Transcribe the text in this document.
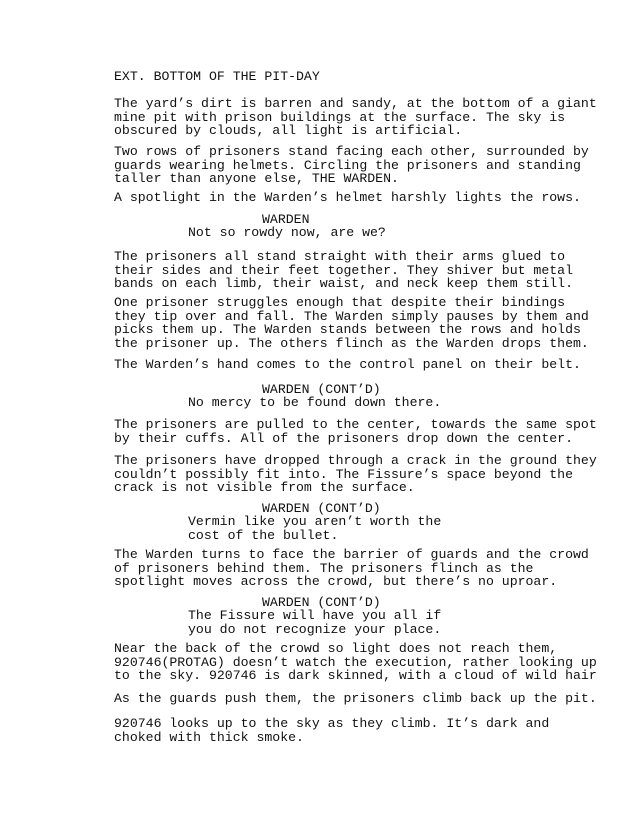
EXT. BOTTOM OF THE PIT-DAY

The yard’s dirt is barren and sandy, at the bottom of a giant
mine pit with prison buildings at the surface. The sky is
obscured by clouds, all light is artificial.

Two rows of prisoners stand facing each other, surrounded by
guards wearing helmets. Circling the prisoners and standing
taller than anyone else, THE WARDEN.

A spotlight in the Warden’s helmet harshly lights the rows.

WARDEN

Not so rowdy now, are we?

The prisoners all stand straight with their arms glued to
their sides and their feet together. They shiver but metal
bands on each limb, their waist, and neck keep them still.

One prisoner struggles enough that despite their bindings
they tip over and fall. The Warden simply pauses by them and
picks them up. The Warden stands between the rows and holds
the prisoner up. The others flinch as the Warden drops them.

The Warden’s hand comes to the control panel on their belt.

WARDEN (CONT’D)

No mercy to be found down there.

The prisoners are pulled to the center, towards the same spot
by their cuffs. All of the prisoners drop down the center.

The prisoners have dropped through a crack in the ground they
couldn’t possibly fit into. The Fissure’s space beyond the
crack is not visible from the surface.

WARDEN (CONT’D)

Vermin like you aren’t worth the
cost of the bullet.

The Warden turns to face the barrier of guards and the crowd
of prisoners behind them. The prisoners flinch as the
spotlight moves across the crowd, but there’s no uproar.

WARDEN (CONT’D)

The Fissure will have you all if
you do not recognize your place.

Near the back of the crowd so light does not reach them,
920746(PROTAG) doesn’t watch the execution, rather looking up
to the sky. 920746 is dark skinned, with a cloud of wild hair

As the guards push them, the prisoners climb back up the pit.

920746 looks up to the sky as they climb. It’s dark and
choked with thick smoke.
